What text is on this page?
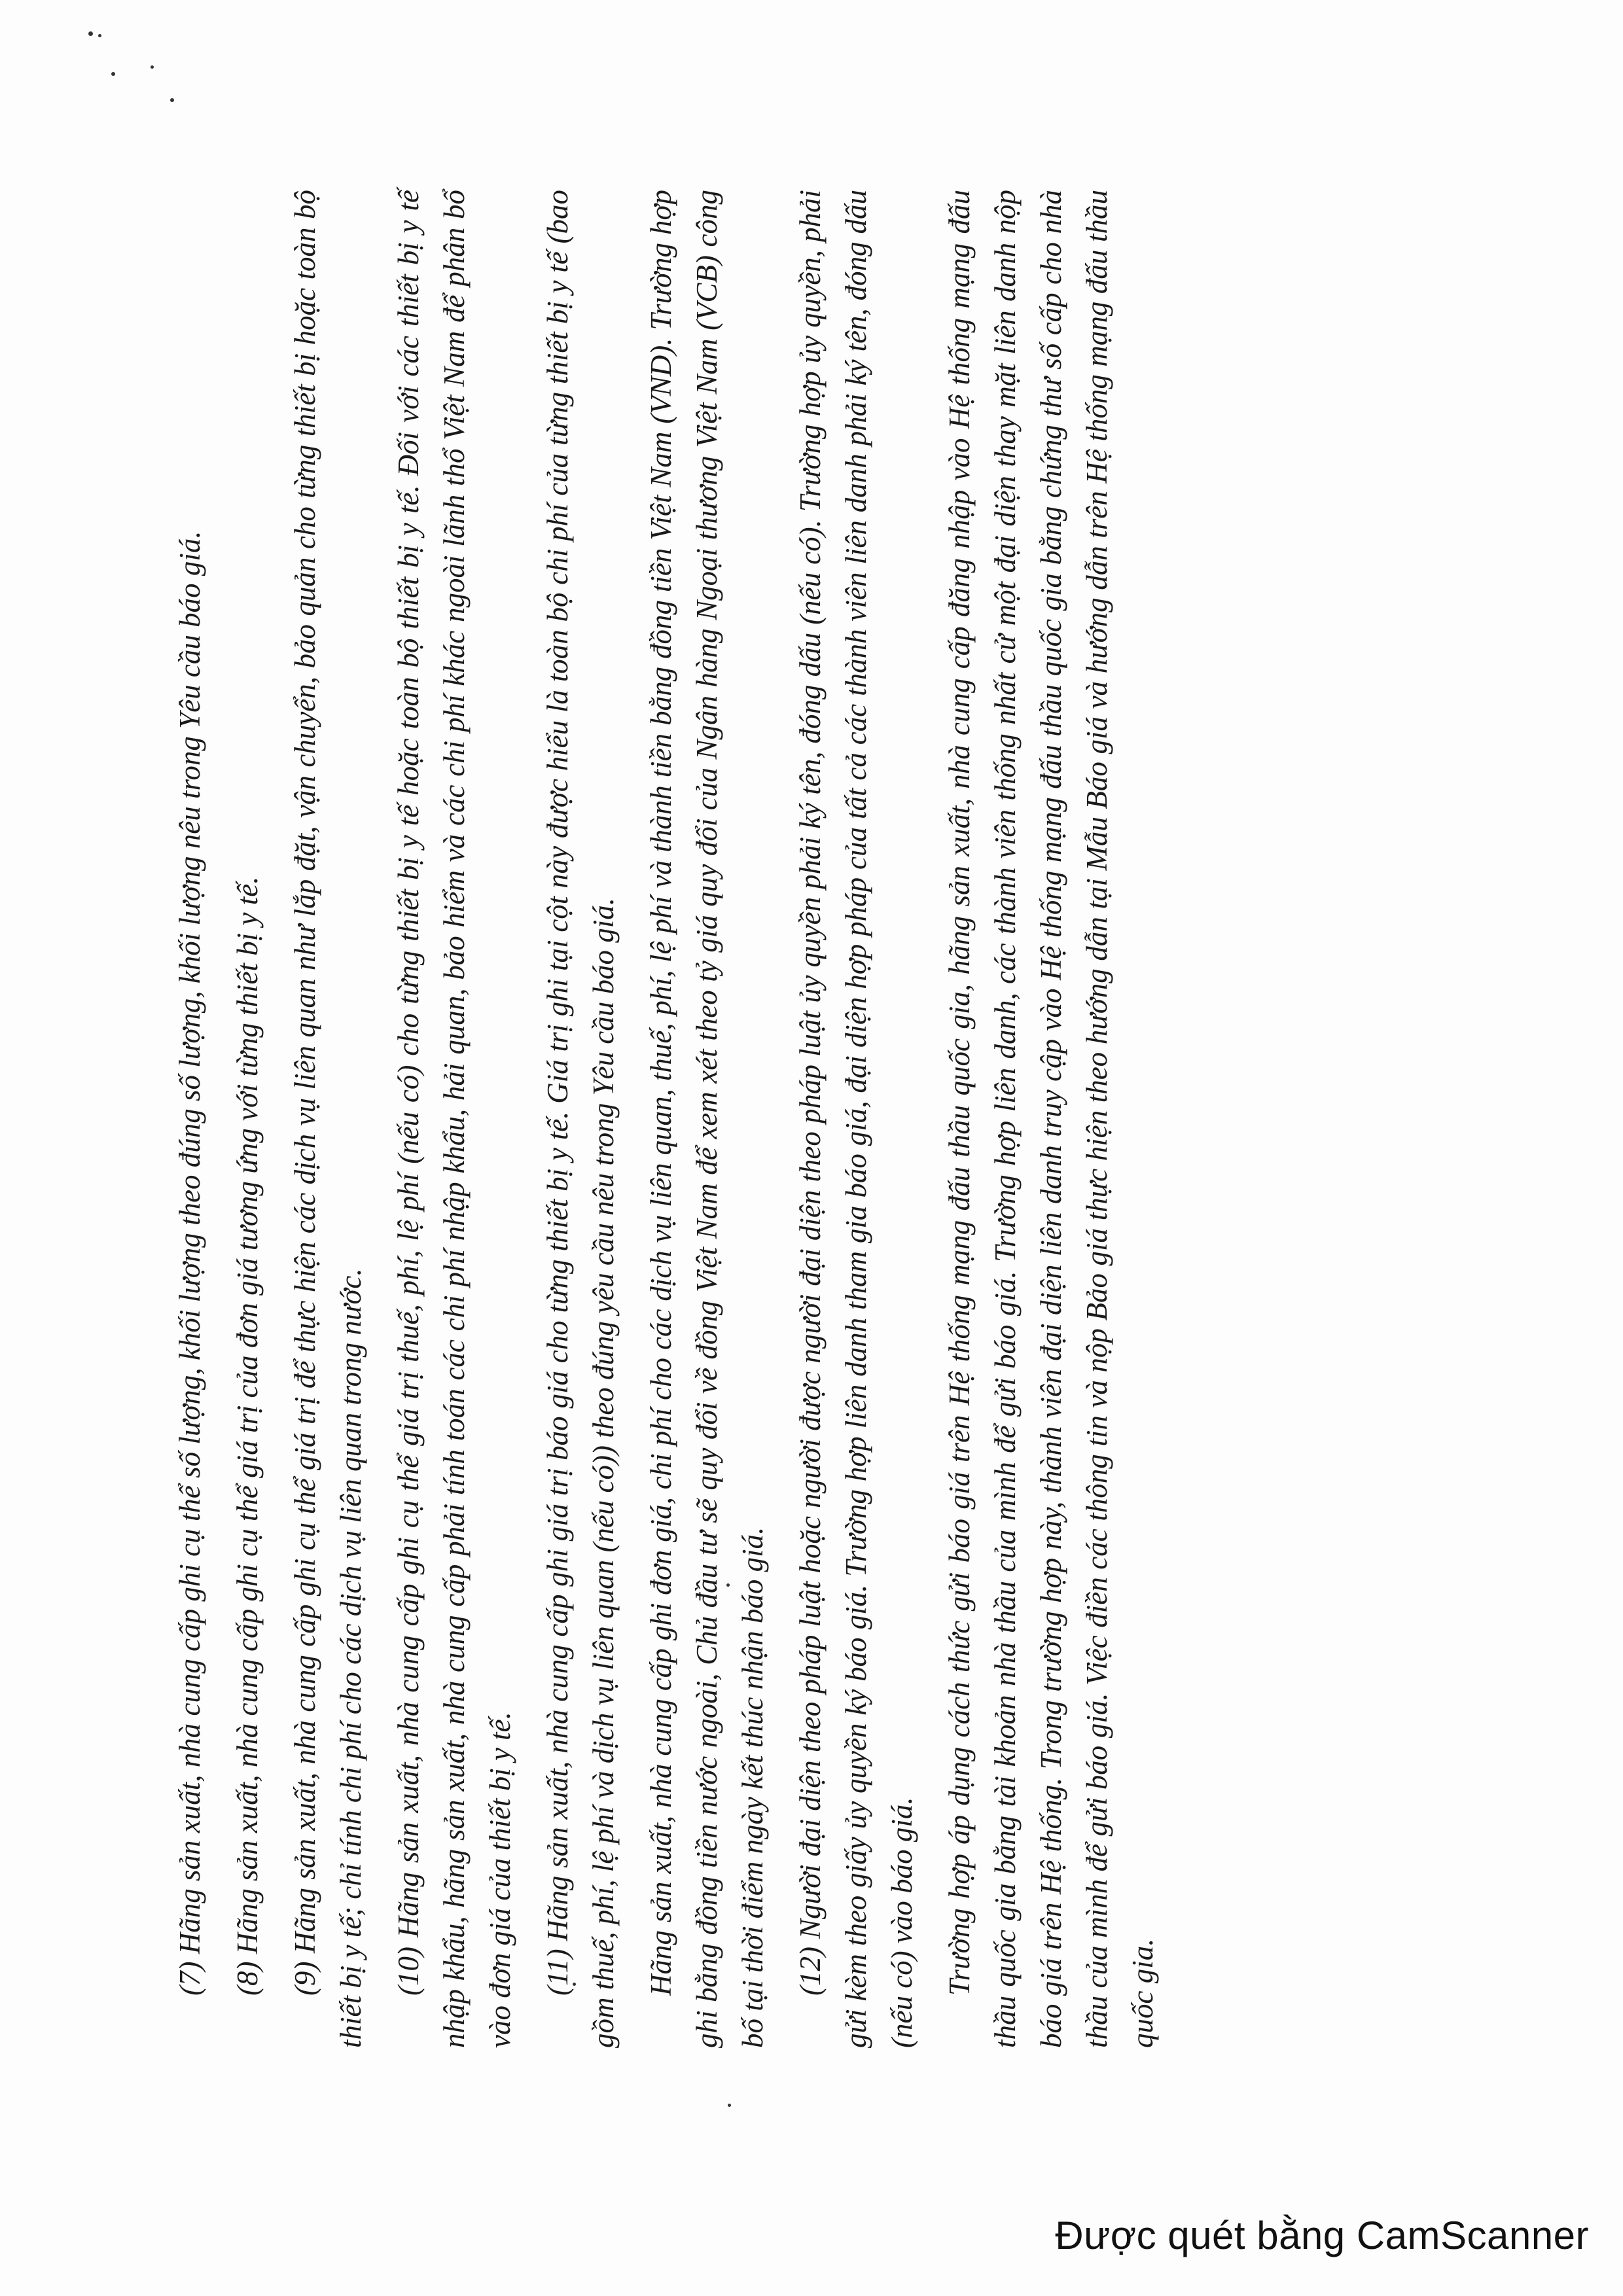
(7) Hãng sản xuất, nhà cung cấp ghi cụ thể số lượng, khối lượng theo đúng số lượng, khối lượng nêu trong Yêu cầu báo giá. (8) Hãng sản xuất, nhà cung cấp ghi cụ thể giá trị của đơn giá tương ứng với từng thiết bị y tế. (9) Hãng sản xuất, nhà cung cấp ghi cụ thể giá trị để thực hiện các dịch vụ liên quan như lắp đặt, vận chuyển, bảo quản cho từng thiết bị hoặc toàn bộ thiết bị y tế; chỉ tính chi phí cho các dịch vụ liên quan trong nước. (10) Hãng sản xuất, nhà cung cấp ghi cụ thể giá trị thuế, phí, lệ phí (nếu có) cho từng thiết bị y tế hoặc toàn bộ thiết bị y tế. Đối với các thiết bị y tế nhập khẩu, hãng sản xuất, nhà cung cấp phải tính toán các chi phí nhập khẩu, hải quan, bảo hiểm và các chi phí khác ngoài lãnh thổ Việt Nam để phân bổ vào đơn giá của thiết bị y tế. (11) Hãng sản xuất, nhà cung cấp ghi giá trị báo giá cho từng thiết bị y tế. Giá trị ghi tại cột này được hiểu là toàn bộ chi phí của từng thiết bị y tế (bao gồm thuế, phí, lệ phí và dịch vụ liên quan (nếu có)) theo đúng yêu cầu nêu trong Yêu cầu báo giá. Hãng sản xuất, nhà cung cấp ghi đơn giá, chi phí cho các dịch vụ liên quan, thuế, phí, lệ phí và thành tiền bằng đồng tiền Việt Nam (VND). Trường hợp ghi bằng đồng tiền nước ngoài, Chủ đầu tư sẽ quy đổi về đồng Việt Nam để xem xét theo tỷ giá quy đổi của Ngân hàng Ngoại thương Việt Nam (VCB) công bố tại thời điểm ngày kết thúc nhận báo giá. (12) Người đại diện theo pháp luật hoặc người được người đại diện theo pháp luật ủy quyền phải ký tên, đóng dấu (nếu có). Trường hợp ủy quyền, phải gửi kèm theo giấy ủy quyền ký báo giá. Trường hợp liên danh tham gia báo giá, đại diện hợp pháp của tất cả các thành viên liên danh phải ký tên, đóng dấu (nếu có) vào báo giá. Trường hợp áp dụng cách thức gửi báo giá trên Hệ thống mạng đấu thầu quốc gia, hãng sản xuất, nhà cung cấp đăng nhập vào Hệ thống mạng đấu thầu quốc gia bằng tài khoản nhà thầu của mình để gửi báo giá. Trường hợp liên danh, các thành viên thống nhất cử một đại diện thay mặt liên danh nộp báo giá trên Hệ thống. Trong trường hợp này, thành viên đại diện liên danh truy cập vào Hệ thống mạng đấu thầu quốc gia bằng chứng thư số cấp cho nhà thầu của mình để gửi báo giá. Việc điền các thông tin và nộp Bảo giá thực hiện theo hướng dẫn tại Mẫu Báo giá và hướng dẫn trên Hệ thống mạng đấu thầu quốc gia.

Được quét bằng CamScanner
